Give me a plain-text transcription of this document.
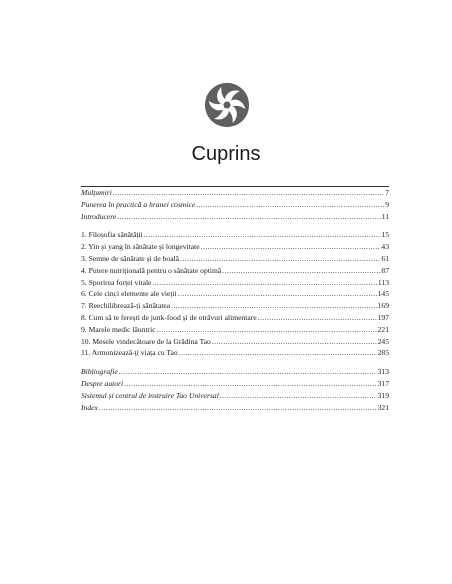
Cuprins
Mulțumiri .....	7
Punerea în practică a hranei cosmice .....	9
Introducere .....	11
1. Filosofia sănătății .....	15
2. Yin și yang în sănătate și longevitate .....	43
3. Semne de sănătate și de boală .....	61
4. Putere nutrițională pentru o sănătate optimă .....	87
5. Sporirea forței vitale .....	113
6. Cele cinci elemente ale vieții .....	145
7. Reechilibrează-ți sănătatea .....	169
8. Cum să te ferești de junk-food și de otrăvuri alimentare .....	197
9. Marele medic lăuntric .....	221
10. Mesele vindecătoare de la Grădina Tao .....	245
11. Armonizează-ți viața cu Tao .....	285
Bibliografie .....	313
Despre autori .....	317
Sistemul și centrul de instruire Tao Universal .....	319
Index .....	321
